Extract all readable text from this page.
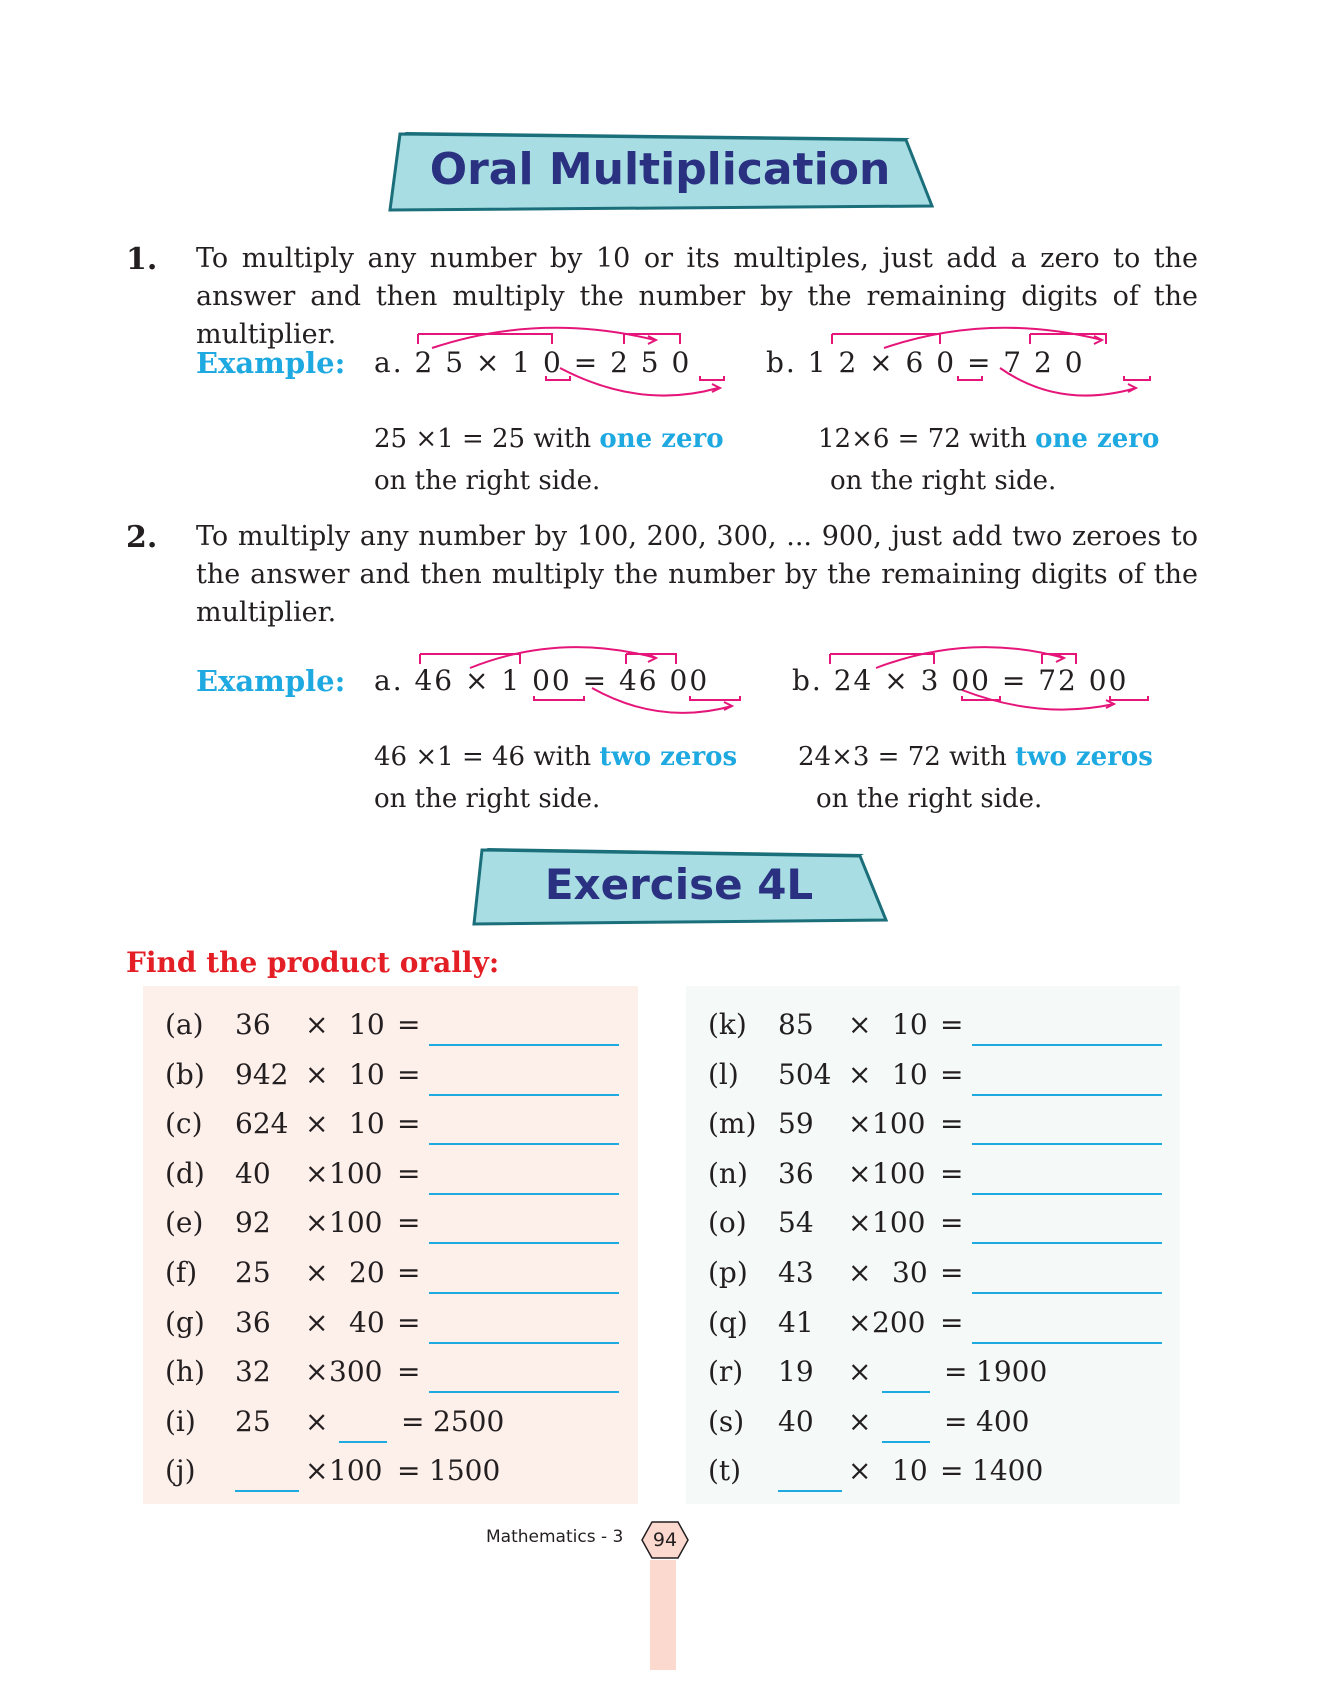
Oral Multiplication
1. To multiply any number by 10 or its multiples, just add a zero to the answer and then multiply the number by the remaining digits of the multiplier.

Example: a. 2 5 × 1 0 = 2 5 0	b. 1 2 × 6 0 = 7 2 0
25 ×1 = 25 with one zero
on the right side.
12×6 = 72 with one zero
on the right side.
2. To multiply any number by 100, 200, 300, ... 900, just add two zeroes to the answer and then multiply the number by the remaining digits of the multiplier.

Example: a. 46 × 1 00 = 46 00	b. 24 × 3 00 = 72 00
46 ×1 = 46 with two zeros
on the right side.
24×3 = 72 with two zeros
on the right side.
Exercise 4L
Find the product orally:
(a) 36 × 10 =
(b) 942 × 10 =
(c) 624 × 10 =
(d) 40 × 100 =
(e) 92 × 100 =
(f) 25 × 20 =
(g) 36 × 40 =
(h) 32 × 300 =
(i) 25 ×	= 2500
(j)	× 100 = 1500
(k) 85 × 10 =
(l) 504 × 10 =
(m) 59 × 100 =
(n) 36 × 100 =
(o) 54 × 100 =
(p) 43 × 30 =
(q) 41 × 200 =
(r) 19 ×	= 1900
(s) 40 ×	= 400
(t)	× 10 = 1400
Mathematics - 3	94
